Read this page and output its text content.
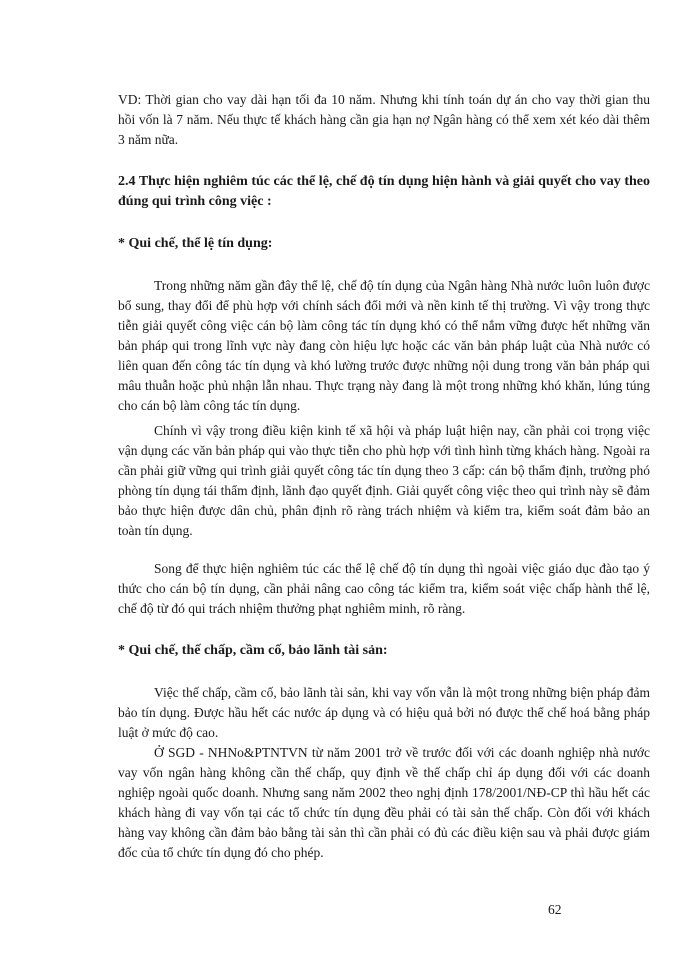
VD: Thời gian cho vay dài hạn tối đa 10 năm. Nhưng khi tính toán dự án cho vay thời gian thu hồi vốn là 7 năm. Nếu thực tế khách hàng cần gia hạn nợ Ngân hàng có thể xem xét kéo dài thêm 3 năm nữa.

2.4 Thực hiện nghiêm túc các thể lệ, chế độ tín dụng hiện hành và giải quyết cho vay theo đúng qui trình công việc :

* Qui chế, thể lệ tín dụng:

Trong những năm gần đây thể lệ, chế độ tín dụng của Ngân hàng Nhà nước luôn luôn được bổ sung, thay đổi để phù hợp với chính sách đổi mới và nền kinh tế thị trường. Vì vậy trong thực tiễn giải quyết công việc cán bộ làm công tác tín dụng khó có thể nắm vững được hết những văn bản pháp qui trong lĩnh vực này đang còn hiệu lực hoặc các văn bản pháp luật của Nhà nước có liên quan đến công tác tín dụng và khó lường trước được những nội dung trong văn bản pháp qui mâu thuẫn hoặc phủ nhận lẫn nhau. Thực trạng này đang là một trong những khó khăn, lúng túng cho cán bộ làm công tác tín dụng.

Chính vì vậy trong điều kiện kinh tế xã hội và pháp luật hiện nay, cần phải coi trọng việc vận dụng các văn bản pháp qui vào thực tiễn cho phù hợp với tình hình từng khách hàng. Ngoài ra cần phải giữ vững qui trình giải quyết công tác tín dụng theo 3 cấp: cán bộ thẩm định, trưởng phó phòng tín dụng tái thẩm định, lãnh đạo quyết định. Giải quyết công việc theo qui trình này sẽ đảm bảo thực hiện được dân chủ, phân định rõ ràng trách nhiệm và kiểm tra, kiểm soát đảm bảo an toàn tín dụng.

Song để thực hiện nghiêm túc các thể lệ chế độ tín dụng thì ngoài việc giáo dục đào tạo ý thức cho cán bộ tín dụng, cần phải nâng cao công tác kiểm tra, kiểm soát việc chấp hành thể lệ, chế độ từ đó qui trách nhiệm thưởng phạt nghiêm minh, rõ ràng.

* Qui chế, thế chấp, cầm cố, bảo lãnh tài sản:

Việc thế chấp, cầm cố, bảo lãnh tài sản, khi vay vốn vẫn là một trong những biện pháp đảm bảo tín dụng. Được hầu hết các nước áp dụng và có hiệu quả bởi nó được thể chế hoá bằng pháp luật ở mức độ cao.

Ở SGD - NHNo&PTNTVN từ năm 2001 trở về trước đối với các doanh nghiệp nhà nước vay vốn ngân hàng không cần thế chấp, quy định về thế chấp chỉ áp dụng đối với các doanh nghiệp ngoài quốc doanh. Nhưng sang năm 2002 theo nghị định 178/2001/NĐ-CP thì hầu hết các khách hàng đi vay vốn tại các tổ chức tín dụng đều phải có tài sản thế chấp. Còn đối với khách hàng vay không cần đảm bảo bằng tài sản thì cần phải có đủ các điều kiện sau và phải được giám đốc của tổ chức tín dụng đó cho phép.

62
